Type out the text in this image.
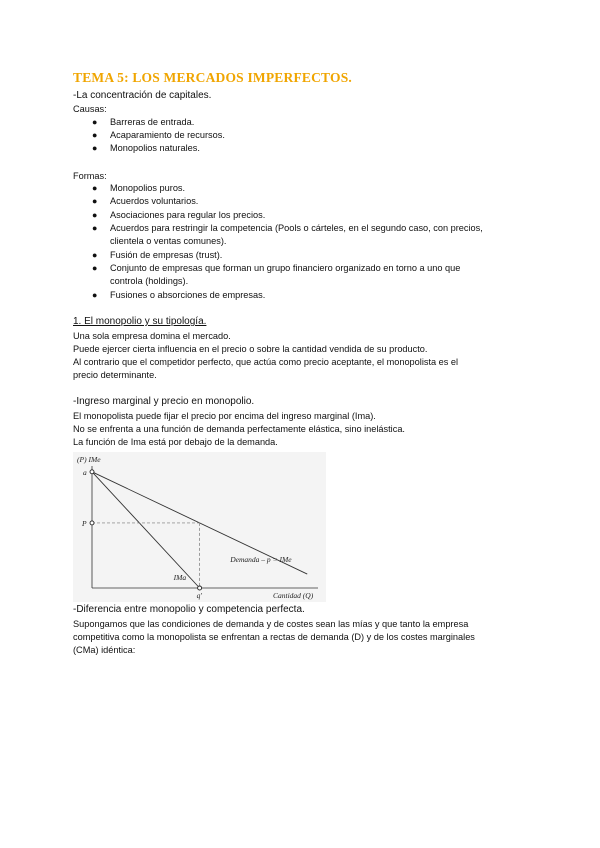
TEMA 5: LOS MERCADOS IMPERFECTOS.
-La concentración de capitales.
Causas:
● Barreras de entrada.
● Acaparamiento de recursos.
● Monopolios naturales.
Formas:
● Monopolios puros.
● Acuerdos voluntarios.
● Asociaciones para regular los precios.
● Acuerdos para restringir la competencia (Pools o cárteles, en el segundo caso, con precios,
clientela o ventas comunes).
● Fusión de empresas (trust).
● Conjunto de empresas que forman un grupo financiero organizado en torno a uno que
controla (holdings).
● Fusiones o absorciones de empresas.
1. El monopolio y su tipología.
Una sola empresa domina el mercado.
Puede ejercer cierta influencia en el precio o sobre la cantidad vendida de su producto.
Al contrario que el competidor perfecto, que actúa como precio aceptante, el monopolista es el
precio determinante.
-Ingreso marginal y precio en monopolio.
El monopolista puede fijar el precio por encima del ingreso marginal (Ima).
No se enfrenta a una función de demanda perfectamente elástica, sino inelástica.
La función de Ima está por debajo de la demanda.
(P) IMe
Cantidad (Q)
a
P
q'
Demanda – p = IMe
IMa
-Diferencia entre monopolio y competencia perfecta.
Supongamos que las condiciones de demanda y de costes sean las mías y que tanto la empresa
competitiva como la monopolista se enfrentan a rectas de demanda (D) y de los costes marginales
(CMa) idéntica:
